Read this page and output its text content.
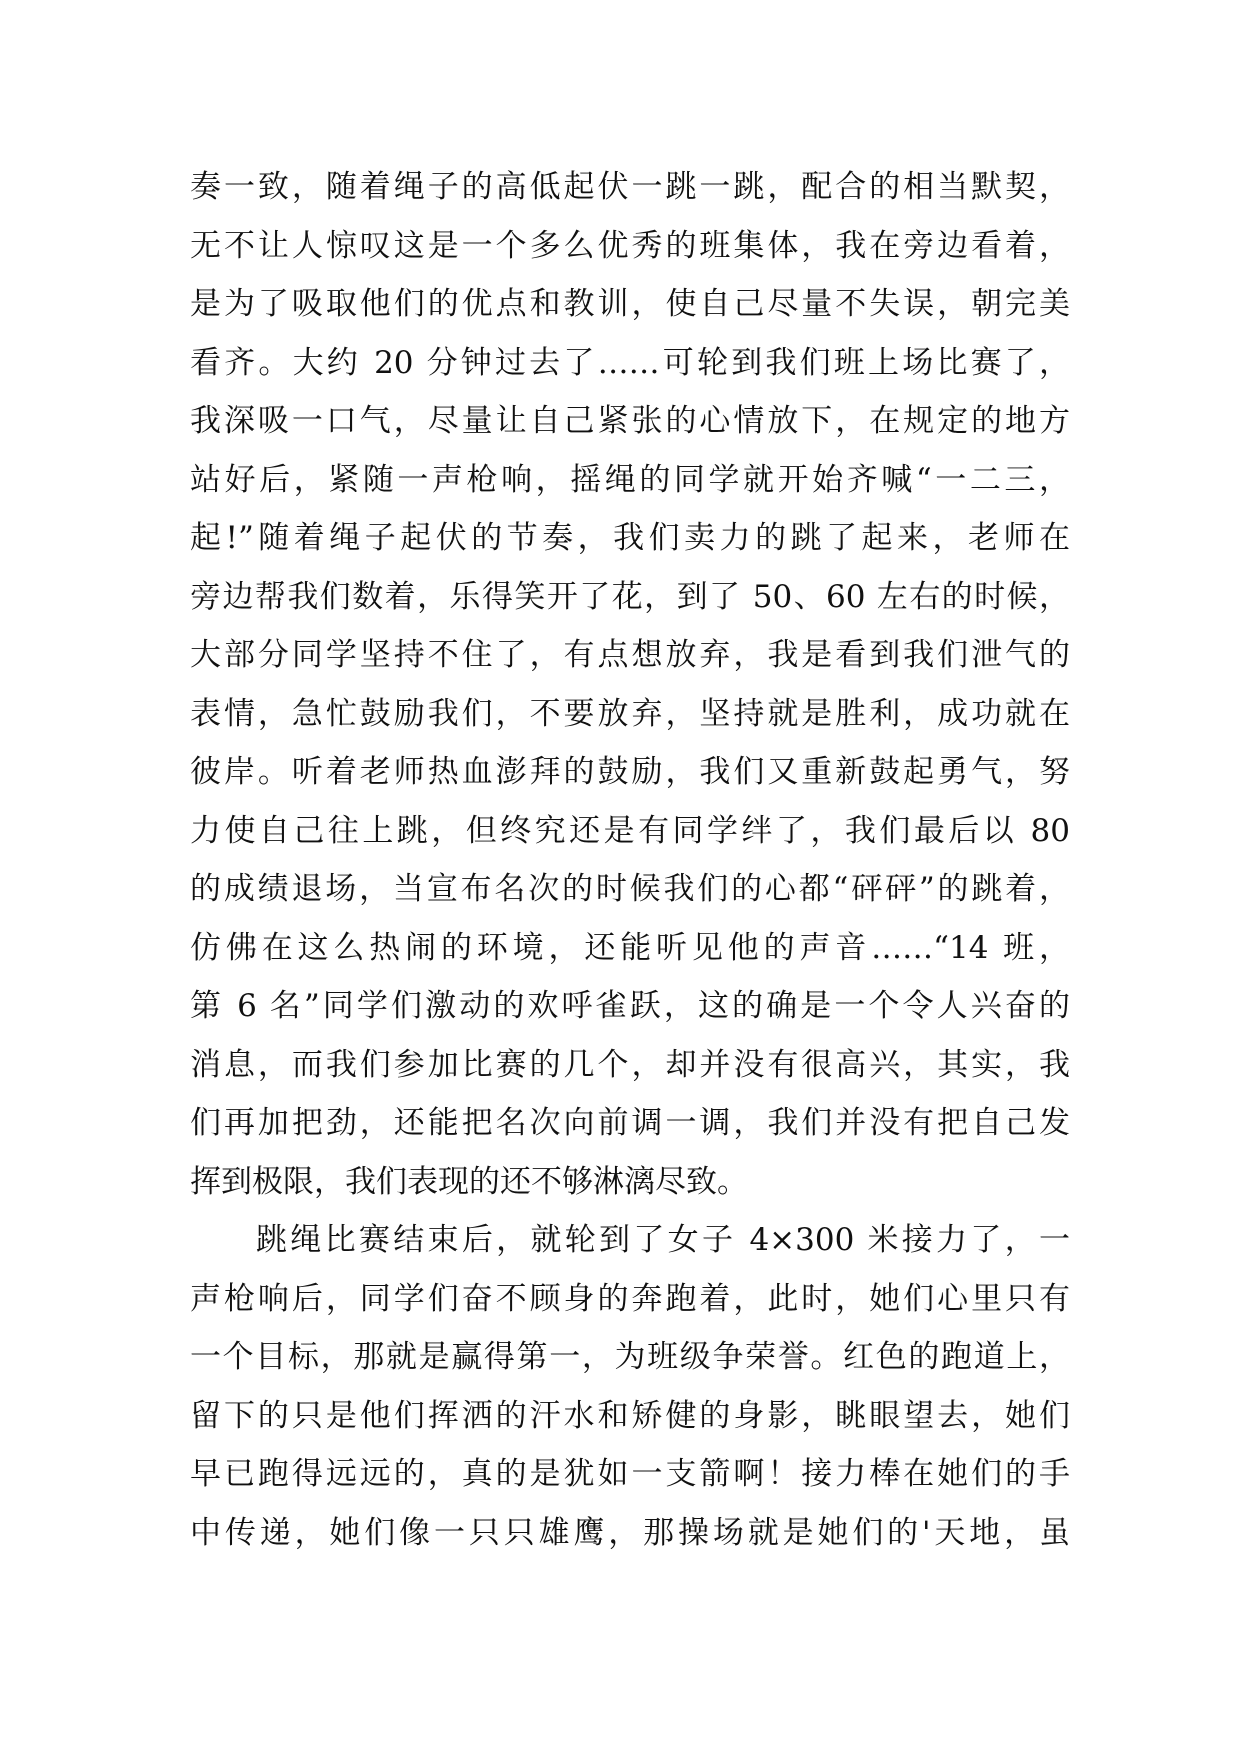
奏一致，随着绳子的高低起伏一跳一跳，配合的相当默契，
无不让人惊叹这是一个多么优秀的班集体，我在旁边看着，
是为了吸取他们的优点和教训，使自己尽量不失误，朝完美
看齐。大约 20 分钟过去了……可轮到我们班上场比赛了，
我深吸一口气，尽量让自己紧张的心情放下，在规定的地方
站好后，紧随一声枪响，摇绳的同学就开始齐喊“一二三，
起!”随着绳子起伏的节奏，我们卖力的跳了起来，老师在
旁边帮我们数着，乐得笑开了花，到了 50、60 左右的时候，
大部分同学坚持不住了，有点想放弃，我是看到我们泄气的
表情，急忙鼓励我们，不要放弃，坚持就是胜利，成功就在
彼岸。听着老师热血澎拜的鼓励，我们又重新鼓起勇气，努
力使自己往上跳，但终究还是有同学绊了，我们最后以 80
的成绩退场，当宣布名次的时候我们的心都“砰砰”的跳着，
仿佛在这么热闹的环境，还能听见他的声音……“14 班，
第 6 名”同学们激动的欢呼雀跃，这的确是一个令人兴奋的
消息，而我们参加比赛的几个，却并没有很高兴，其实，我
们再加把劲，还能把名次向前调一调，我们并没有把自己发
挥到极限，我们表现的还不够淋漓尽致。
跳绳比赛结束后，就轮到了女子 4×300 米接力了，一
声枪响后，同学们奋不顾身的奔跑着，此时，她们心里只有
一个目标，那就是赢得第一，为班级争荣誉。红色的跑道上，
留下的只是他们挥洒的汗水和矫健的身影，眺眼望去，她们
早已跑得远远的，真的是犹如一支箭啊！接力棒在她们的手
中传递，她们像一只只雄鹰，那操场就是她们的'天地，虽
